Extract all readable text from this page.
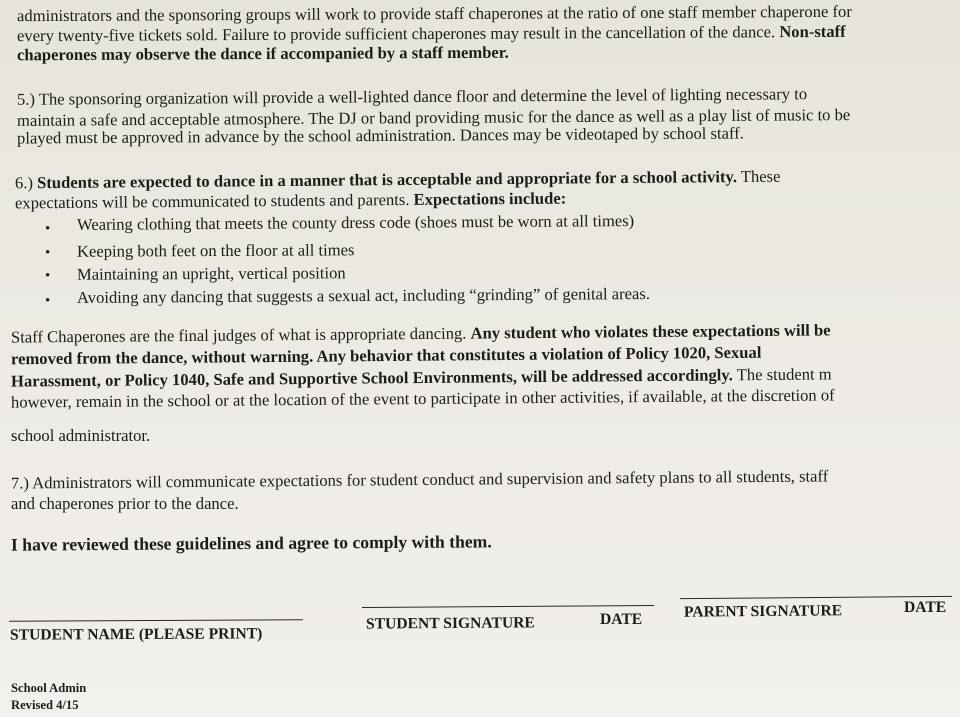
administrators and the sponsoring groups will work to provide staff chaperones at the ratio of one staff member chaperone for
every twenty-five tickets sold. Failure to provide sufficient chaperones may result in the cancellation of the dance. Non-staff
chaperones may observe the dance if accompanied by a staff member.
5.) The sponsoring organization will provide a well-lighted dance floor and determine the level of lighting necessary to
maintain a safe and acceptable atmosphere. The DJ or band providing music for the dance as well as a play list of music to be
played must be approved in advance by the school administration. Dances may be videotaped by school staff.
6.) Students are expected to dance in a manner that is acceptable and appropriate for a school activity. These
expectations will be communicated to students and parents. Expectations include:
• Wearing clothing that meets the county dress code (shoes must be worn at all times)
• Keeping both feet on the floor at all times
• Maintaining an upright, vertical position
• Avoiding any dancing that suggests a sexual act, including “grinding” of genital areas.
Staff Chaperones are the final judges of what is appropriate dancing. Any student who violates these expectations will be
removed from the dance, without warning. Any behavior that constitutes a violation of Policy 1020, Sexual
Harassment, or Policy 1040, Safe and Supportive School Environments, will be addressed accordingly. The student m
however, remain in the school or at the location of the event to participate in other activities, if available, at the discretion of
school administrator.
7.) Administrators will communicate expectations for student conduct and supervision and safety plans to all students, staff
and chaperones prior to the dance.
I have reviewed these guidelines and agree to comply with them.
STUDENT NAME (PLEASE PRINT)
STUDENT SIGNATURE	DATE	PARENT SIGNATURE	DATE
School Admin
Revised 4/15
